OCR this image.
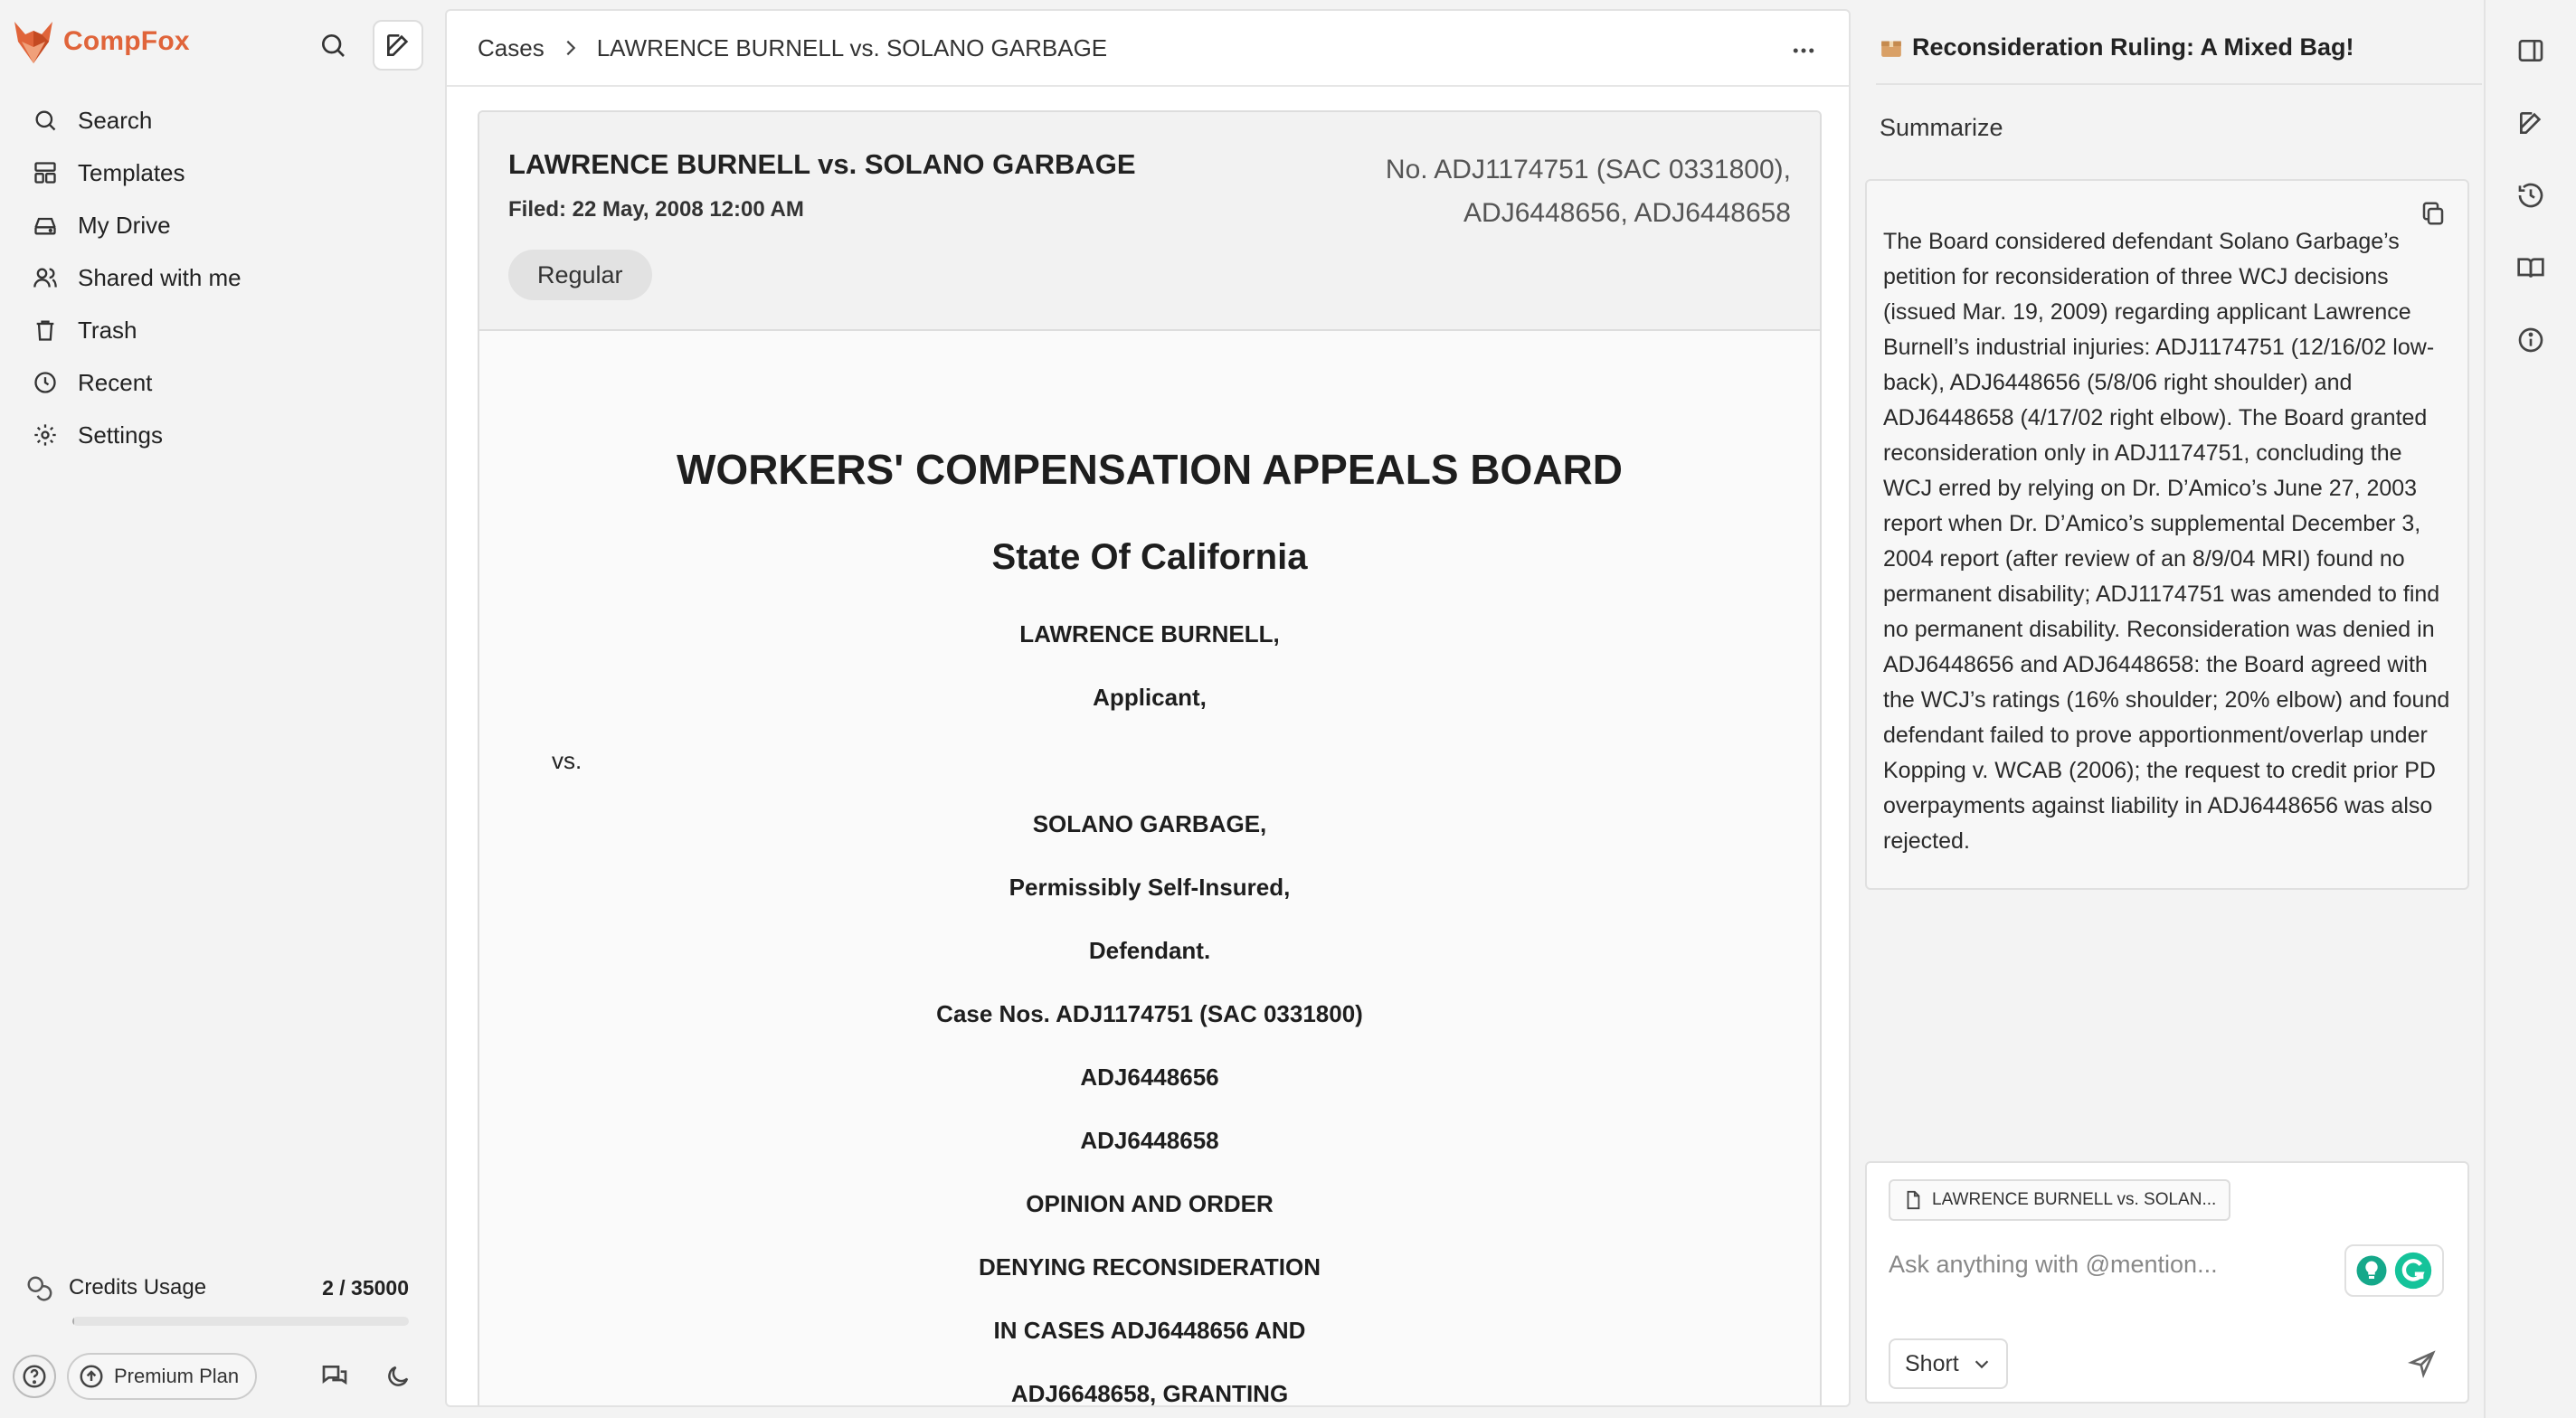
CompFox
Search
Templates
My Drive
Shared with me
Trash
Recent
Settings
Credits Usage	2 / 35000
Premium Plan
Cases LAWRENCE BURNELL vs. SOLANO GARBAGE
LAWRENCE BURNELL vs. SOLANO GARBAGE
Filed: 22 May, 2008 12:00 AM
No. ADJ1174751 (SAC 0331800),
ADJ6448656, ADJ6448658
Regular
WORKERS' COMPENSATION APPEALS BOARD
State Of California
LAWRENCE BURNELL,
Applicant,
vs.
SOLANO GARBAGE,
Permissibly Self-Insured,
Defendant.
Case Nos. ADJ1174751 (SAC 0331800)
ADJ6448656
ADJ6448658
OPINION AND ORDER
DENYING RECONSIDERATION
IN CASES ADJ6448656 AND
ADJ6648658, GRANTING
Reconsideration Ruling: A Mixed Bag!
Summarize
The Board considered defendant Solano Garbage’s petition for reconsideration of three WCJ decisions (issued Mar. 19, 2009) regarding applicant Lawrence Burnell’s industrial injuries: ADJ1174751 (12/16/02 low-back), ADJ6448656 (5/8/06 right shoulder) and ADJ6448658 (4/17/02 right elbow). The Board granted reconsideration only in ADJ1174751, concluding the WCJ erred by relying on Dr. D’Amico’s June 27, 2003 report when Dr. D’Amico’s supplemental December 3, 2004 report (after review of an 8/9/04 MRI) found no permanent disability; ADJ1174751 was amended to find no permanent disability. Reconsideration was denied in ADJ6448656 and ADJ6448658: the Board agreed with the WCJ’s ratings (16% shoulder; 20% elbow) and found defendant failed to prove apportionment/overlap under Kopping v. WCAB (2006); the request to credit prior PD overpayments against liability in ADJ6448656 was also rejected.
LAWRENCE BURNELL vs. SOLAN...
Ask anything with @mention...
Short
